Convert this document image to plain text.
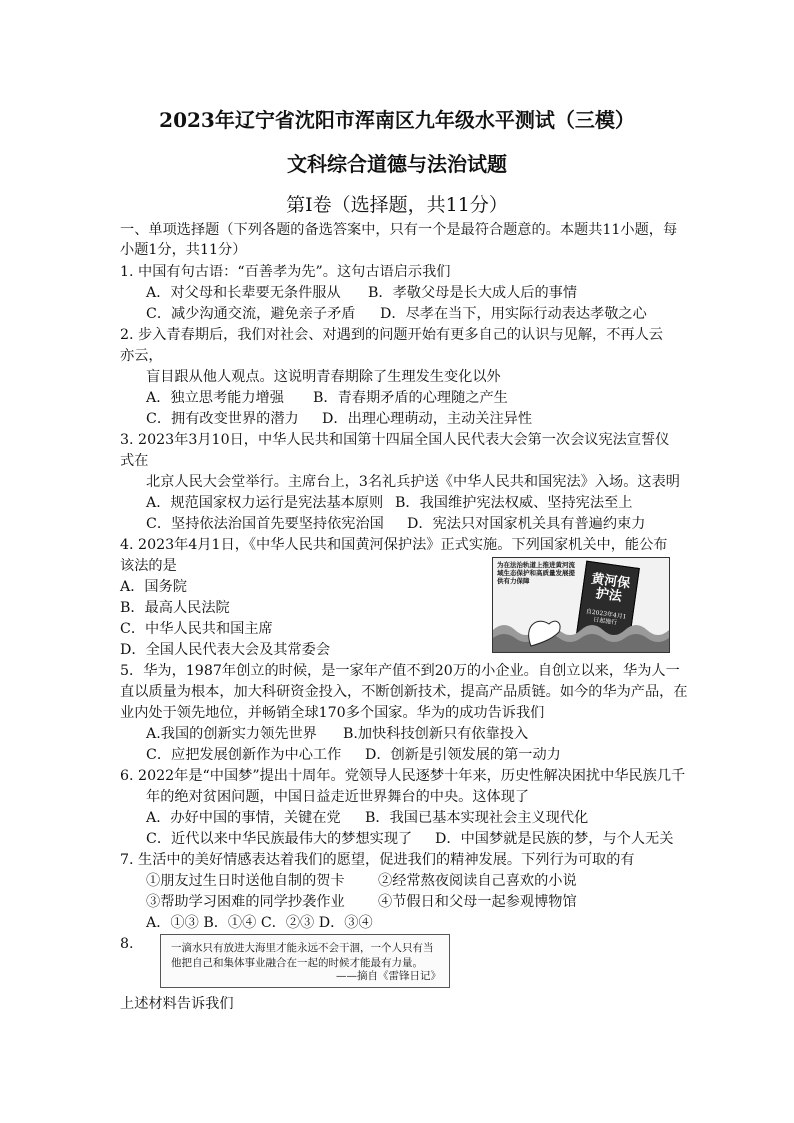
2023年辽宁省沈阳市浑南区九年级水平测试（三模）
文科综合道德与法治试题
第I卷（选择题，共11分）
一、单项选择题（下列各题的备选答案中，只有一个是最符合题意的。本题共11小题，每
小题1分，共11分）
1. 中国有句古语：“百善孝为先”。这句古语启示我们
A．对父母和长辈要无条件服从 B．孝敬父母是长大成人后的事情
C．减少沟通交流，避免亲子矛盾 D．尽孝在当下，用实际行动表达孝敬之心
2. 步入青春期后，我们对社会、对遇到的问题开始有更多自己的认识与见解，不再人云
亦云，
盲目跟从他人观点。这说明青春期除了生理发生变化以外
A．独立思考能力增强 B．青春期矛盾的心理随之产生
C．拥有改变世界的潜力 D．出理心理萌动，主动关注异性
3. 2023年3月10日，中华人民共和国第十四届全国人民代表大会第一次会议宪法宣誓仪
式在
北京人民大会堂举行。主席台上，3名礼兵护送《中华人民共和国宪法》入场。这表明
A．规范国家权力运行是宪法基本原则 B．我国维护宪法权威、坚持宪法至上
C．坚持依法治国首先要坚持依宪治国 D．宪法只对国家机关具有普遍约束力
4. 2023年4月1日，《中华人民共和国黄河保护法》正式实施。下列国家机关中，能公布
该法的是
A．国务院
B．最高人民法院
C．中华人民共和国主席
D．全国人民代表大会及其常委会
5．华为，1987年创立的时候，是一家年产值不到20万的小企业。自创立以来，华为人一
直以质量为根本，加大科研资金投入，不断创新技术，提高产品质链。如今的华为产品，在
业内处于领先地位，并畅销全球170多个国家。华为的成功告诉我们
A.我国的创新实力领先世界 B.加快科技创新只有依靠投入
C．应把发展创新作为中心工作 D．创新是引领发展的第一动力
6. 2022年是“中国梦”提出十周年。党领导人民逐梦十年来，历史性解决困扰中华民族几千
年的绝对贫困问题，中国日益走近世界舞台的中央。这体现了
A．办好中国的事情，关键在党 B．我国已基本实现社会主义现代化
C．近代以来中华民族最伟大的梦想实现了 D．中国梦就是民族的梦，与个人无关
7. 生活中的美好情感表达着我们的愿望，促进我们的精神发展。下列行为可取的有
①朋友过生日时送他自制的贺卡 ②经常熬夜阅读自己喜欢的小说
③帮助学习困难的同学抄袭作业 ④节假日和父母一起参观博物馆
A．①③ B．①④ C．②③ D．③④
8.
上述材料告诉我们
为在法治轨道上推进黄河流域生态保护和高质量发展提供有力保障	黄河保护法
自2023年4月1日起施行
一滴水只有放进大海里才能永远不会干涸，一个人只有当他把自己和集体事业融合在一起的时候才能最有力量。
——摘自《雷锋日记》
